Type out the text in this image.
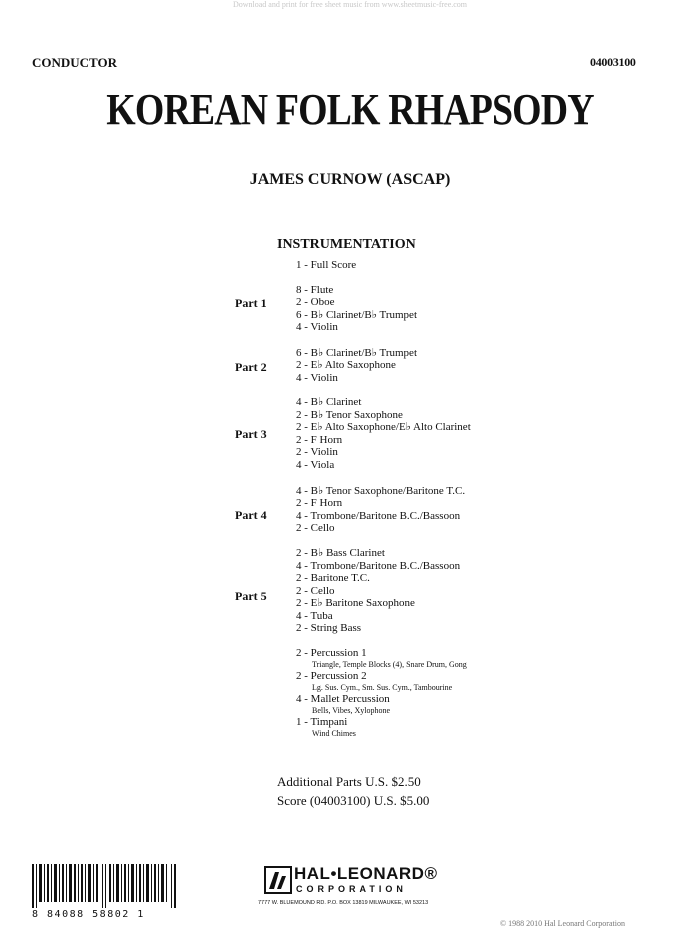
Download and print for free sheet music from www.sheetmusic-free.com
CONDUCTOR	04003100
KOREAN FOLK RHAPSODY
JAMES CURNOW (ASCAP)
INSTRUMENTATION
1 - Full Score
Part 1
8 - Flute
2 - Oboe
6 - B♭ Clarinet/B♭ Trumpet
4 - Violin
Part 2
6 - B♭ Clarinet/B♭ Trumpet
2 - E♭ Alto Saxophone
4 - Violin
Part 3
4 - B♭ Clarinet
2 - B♭ Tenor Saxophone
2 - E♭ Alto Saxophone/E♭ Alto Clarinet
2 - F Horn
2 - Violin
4 - Viola
Part 4
4 - B♭ Tenor Saxophone/Baritone T.C.
2 - F Horn
4 - Trombone/Baritone B.C./Bassoon
2 - Cello
Part 5
2 - B♭ Bass Clarinet
4 - Trombone/Baritone B.C./Bassoon
2 - Baritone T.C.
2 - Cello
2 - E♭ Baritone Saxophone
4 - Tuba
2 - String Bass
2 - Percussion 1
Triangle, Temple Blocks (4), Snare Drum, Gong
2 - Percussion 2
Lg. Sus. Cym., Sm. Sus. Cym., Tambourine
4 - Mallet Percussion
Bells, Vibes, Xylophone
1 - Timpani
Wind Chimes
Additional Parts U.S. $2.50
Score (04003100) U.S. $5.00
8 84088 58802 1
HAL•LEONARD®
CORPORATION
7777 W. BLUEMOUND RD. P.O. BOX 13819 MILWAUKEE, WI 53213
© 1988 2010 Hal Leonard Corporation
